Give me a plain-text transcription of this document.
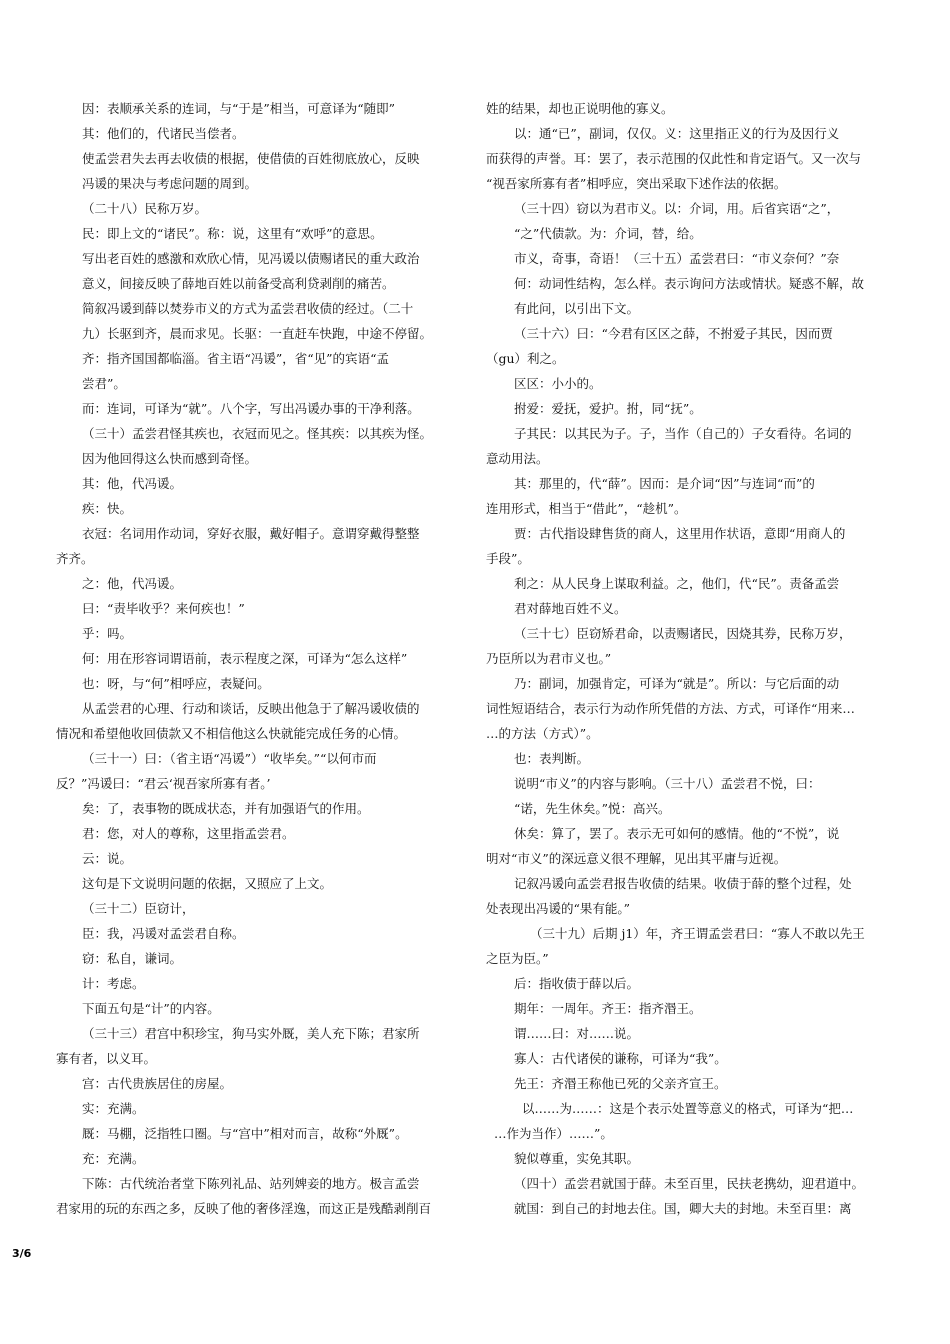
因：表顺承关系的连词，与“于是”相当，可意译为“随即”
其：他们的，代诸民当偿者。
使孟尝君失去再去收债的根据，使借债的百姓彻底放心，反映
冯谖的果决与考虑问题的周到。
（二十八）民称万岁。
民：即上文的“诸民”。称：说，这里有“欢呼”的意思。
写出老百姓的感激和欢欣心情，见冯谖以债赐诸民的重大政治
意义，间接反映了薛地百姓以前备受高利贷剥削的痛苦。
简叙冯谖到薛以焚券市义的方式为孟尝君收债的经过。（二十
九）长驱到齐，晨而求见。长驱：一直赶车快跑，中途不停留。
齐：指齐国国都临淄。省主语“冯谖”，省“见”的宾语“孟
尝君”。
而：连词，可译为“就”。八个字，写出冯谖办事的干净利落。
（三十）孟尝君怪其疾也，衣冠而见之。怪其疾：以其疾为怪。
因为他回得这么快而感到奇怪。
其：他，代冯谖。
疾：快。
衣冠：名词用作动词，穿好衣服，戴好帽子。意谓穿戴得整整
齐齐。
之：他，代冯谖。
曰：“责毕收乎？来何疾也！”
乎：吗。
何：用在形容词谓语前，表示程度之深，可译为“怎么这样”
也：呀，与“何”相呼应，表疑问。
从孟尝君的心理、行动和谈话，反映出他急于了解冯谖收债的
情况和希望他收回债款又不相信他这么快就能完成任务的心情。
（三十一）曰：（省主语“冯谖”）“收毕矣。”“以何市而
反？”冯谖曰：“君云‘视吾家所寡有者。’
矣：了，表事物的既成状态，并有加强语气的作用。
君：您，对人的尊称，这里指孟尝君。
云：说。
这句是下文说明问题的依据，又照应了上文。
（三十二）臣窃计，
臣：我，冯谖对孟尝君自称。
窃：私自，谦词。
计：考虑。
下面五句是“计”的内容。
（三十三）君宫中积珍宝，狗马实外厩，美人充下陈；君家所
寡有者，以义耳。
宫：古代贵族居住的房屋。
实：充满。
厩：马棚，泛指牲口圈。与“宫中”相对而言，故称“外厩”。
充：充满。
下陈：古代统治者堂下陈列礼品、站列婢妾的地方。极言孟尝
君家用的玩的东西之多，反映了他的奢侈淫逸，而这正是残酷剥削百
姓的结果，却也正说明他的寡义。
以：通“已”，副词，仅仅。义：这里指正义的行为及因行义
而获得的声誉。耳：罢了，表示范围的仅此性和肯定语气。又一次与
“视吾家所寡有者”相呼应，突出采取下述作法的依据。
（三十四）窃以为君市义。以：介词，用。后省宾语“之”，
“之”代债款。为：介词，替，给。
市义，奇事，奇语！（三十五）孟尝君曰：“市义奈何？”奈
何：动词性结构，怎么样。表示询问方法或情状。疑惑不解，故
有此问，以引出下文。
（三十六）曰：“今君有区区之薛，不拊爱子其民，因而贾
（gu）利之。
区区：小小的。
拊爱：爱抚，爱护。拊，同“抚”。
子其民：以其民为子。子，当作（自己的）子女看待。名词的
意动用法。
其：那里的，代“薛”。因而：是介词“因”与连词“而”的
连用形式，相当于“借此”，“趁机”。
贾：古代指设肆售货的商人，这里用作状语，意即“用商人的
手段”。
利之：从人民身上谋取利益。之，他们，代“民”。责备孟尝
君对薛地百姓不义。
（三十七）臣窃矫君命，以责赐诸民，因烧其券，民称万岁，
乃臣所以为君市义也。”
乃：副词，加强肯定，可译为“就是”。所以：与它后面的动
词性短语结合，表示行为动作所凭借的方法、方式，可译作“用来…
…的方法（方式）”。
也：表判断。
说明“市义”的内容与影响。（三十八）孟尝君不悦，曰：
“诺，先生休矣。”悦：高兴。
休矣：算了，罢了。表示无可如何的感情。他的“不悦”，说
明对“市义”的深远意义很不理解，见出其平庸与近视。
记叙冯谖向孟尝君报告收债的结果。收债于薛的整个过程，处
处表现出冯谖的“果有能。”
（三十九）后期 j1）年，齐王谓孟尝君曰：“寡人不敢以先王
之臣为臣。”
后：指收债于薛以后。
期年：一周年。齐王：指齐湣王。
谓……曰：对……说。
寡人：古代诸侯的谦称，可译为“我”。
先王：齐湣王称他已死的父亲齐宣王。
以……为……：这是个表示处置等意义的格式，可译为“把…
…作为当作）……”。
貌似尊重，实免其职。
（四十）孟尝君就国于薛。未至百里，民扶老携幼，迎君道中。
就国：到自己的封地去住。国，卿大夫的封地。未至百里：离
3/6
